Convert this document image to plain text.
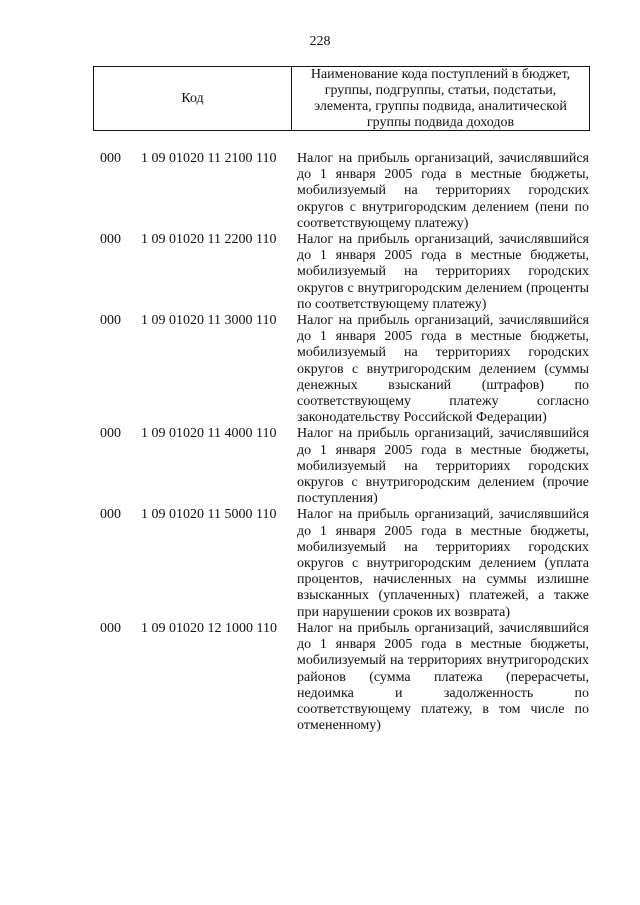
228
Код
Наименование кода поступлений в бюджет, группы, подгруппы, статьи, подстатьи, элемента, группы подвида, аналитической группы подвида доходов
000 1 09 01020 11 2100 110 Налог на прибыль организаций, зачислявшийся до 1 января 2005 года в местные бюджеты, мобилизуемый на территориях городских округов с внутригородским делением (пени по соответствующему платежу)
000 1 09 01020 11 2200 110 Налог на прибыль организаций, зачислявшийся до 1 января 2005 года в местные бюджеты, мобилизуемый на территориях городских округов с внутригородским делением (проценты по соответствующему платежу)
000 1 09 01020 11 3000 110 Налог на прибыль организаций, зачислявшийся до 1 января 2005 года в местные бюджеты, мобилизуемый на территориях городских округов с внутригородским делением (суммы денежных взысканий (штрафов) по соответствующему платежу согласно законодательству Российской Федерации)
000 1 09 01020 11 4000 110 Налог на прибыль организаций, зачислявшийся до 1 января 2005 года в местные бюджеты, мобилизуемый на территориях городских округов с внутригородским делением (прочие поступления)
000 1 09 01020 11 5000 110 Налог на прибыль организаций, зачислявшийся до 1 января 2005 года в местные бюджеты, мобилизуемый на территориях городских округов с внутригородским делением (уплата процентов, начисленных на суммы излишне взысканных (уплаченных) платежей, а также при нарушении сроков их возврата)
000 1 09 01020 12 1000 110 Налог на прибыль организаций, зачислявшийся до 1 января 2005 года в местные бюджеты, мобилизуемый на территориях внутригородских районов (сумма платежа (перерасчеты, недоимка и задолженность по соответствующему платежу, в том числе по отмененному)
